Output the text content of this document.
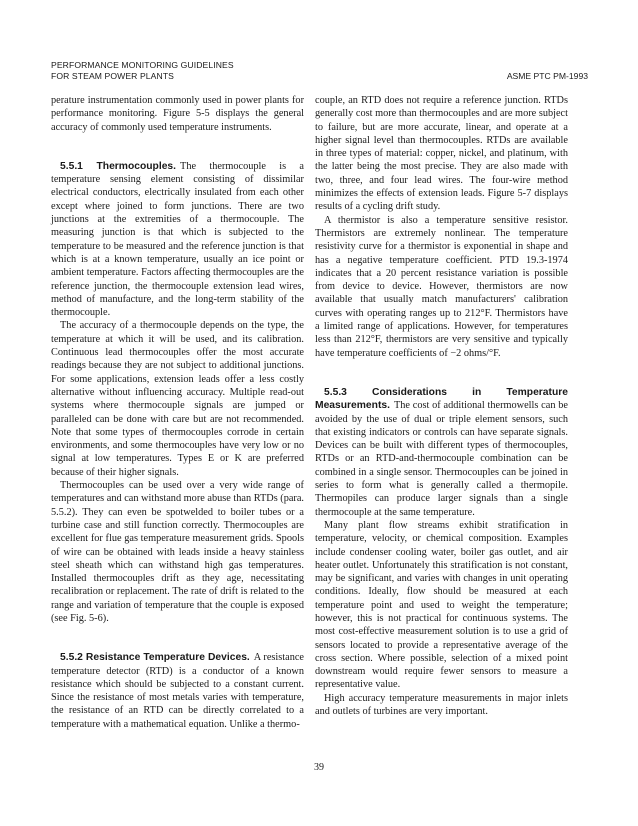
PERFORMANCE MONITORING GUIDELINES
FOR STEAM POWER PLANTS	ASME PTC PM-1993

perature instrumentation commonly used in power plants for performance monitoring. Figure 5-5 displays the general accuracy of commonly used temperature instruments.

5.5.1 Thermocouples. The thermocouple is a temperature sensing element consisting of dissimilar electrical conductors, electrically insulated from each other except where joined to form junctions. There are two junctions at the extremities of a thermocouple. The measuring junction is that which is subjected to the temperature to be measured and the reference junction is that which is at a known temperature, usually an ice point or ambient temperature. Factors affecting thermocouples are the reference junction, the thermocouple extension lead wires, method of manufacture, and the long-term stability of the thermocouple.

The accuracy of a thermocouple depends on the type, the temperature at which it will be used, and its calibration. Continuous lead thermocouples offer the most accurate readings because they are not subject to additional junctions. For some applications, extension leads offer a less costly alternative without influencing accuracy. Multiple read-out systems where thermocouple signals are jumped or paralleled can be done with care but are not recommended. Note that some types of thermocouples corrode in certain environments, and some thermocouples have very low or no signal at low temperatures. Types E or K are preferred because of their higher signals.

Thermocouples can be used over a very wide range of temperatures and can withstand more abuse than RTDs (para. 5.5.2). They can even be spotwelded to boiler tubes or a turbine case and still function correctly. Thermocouples are excellent for flue gas temperature measurement grids. Spools of wire can be obtained with leads inside a heavy stainless steel sheath which can withstand high gas temperatures. Installed thermocouples drift as they age, necessitating recalibration or replacement. The rate of drift is related to the range and variation of temperature that the couple is exposed (see Fig. 5-6).

5.5.2 Resistance Temperature Devices. A resistance temperature detector (RTD) is a conductor of a known resistance which should be subjected to a constant current. Since the resistance of most metals varies with temperature, the resistance of an RTD can be directly correlated to a temperature with a mathematical equation. Unlike a thermo-

couple, an RTD does not require a reference junction. RTDs generally cost more than thermocouples and are more subject to failure, but are more accurate, linear, and operate at a higher signal level than thermocouples. RTDs are available in three types of material: copper, nickel, and platinum, with the latter being the most precise. They are also made with two, three, and four lead wires. The four-wire method minimizes the effects of extension leads. Figure 5-7 displays results of a cycling drift study.

A thermistor is also a temperature sensitive resistor. Thermistors are extremely nonlinear. The temperature resistivity curve for a thermistor is exponential in shape and has a negative temperature coefficient. PTD 19.3-1974 indicates that a 20 percent resistance variation is possible from device to device. However, thermistors are now available that usually match manufacturers' calibration curves with operating ranges up to 212°F. Thermistors have a limited range of applications. However, for temperatures less than 212°F, thermistors are very sensitive and typically have temperature coefficients of −2 ohms/°F.

5.5.3 Considerations in Temperature Measurements. The cost of additional thermowells can be avoided by the use of dual or triple element sensors, such that existing indicators or controls can have separate signals. Devices can be built with different types of thermocouples, RTDs or an RTD-and-thermocouple combination can be combined in a single sensor. Thermocouples can be joined in series to form what is generally called a thermopile. Thermopiles can produce larger signals than a single thermocouple at the same temperature.

Many plant flow streams exhibit stratification in temperature, velocity, or chemical composition. Examples include condenser cooling water, boiler gas outlet, and air heater outlet. Unfortunately this stratification is not constant, may be significant, and varies with changes in unit operating conditions. Ideally, flow should be measured at each temperature point and used to weight the temperature; however, this is not practical for continuous systems. The most cost-effective measurement solution is to use a grid of sensors located to provide a representative average of the cross section. Where possible, selection of a mixed point downstream would require fewer sensors to measure a representative value.

High accuracy temperature measurements in major inlets and outlets of turbines are very important.

39
